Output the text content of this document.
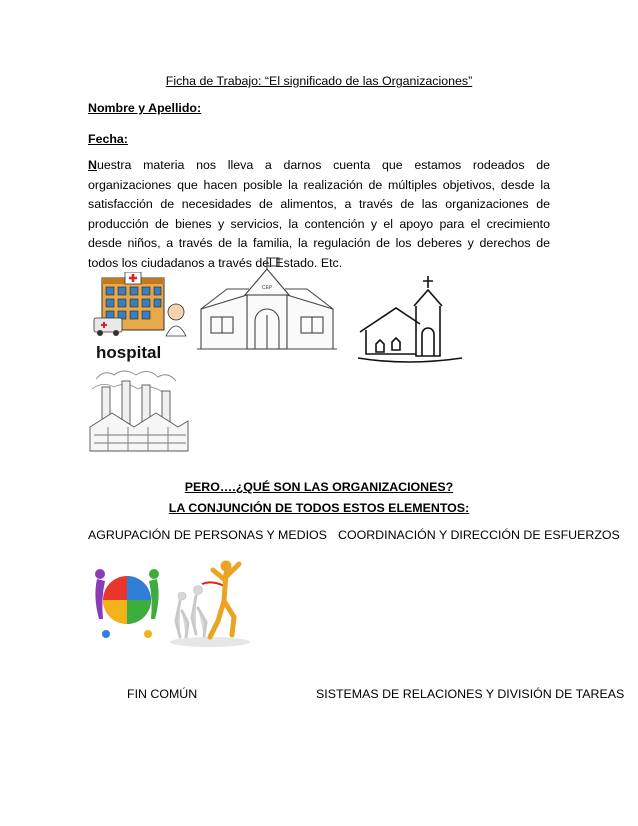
Ficha de Trabajo: “El significado de las Organizaciones”
Nombre y Apellido:
Fecha:
Nuestra materia nos lleva a darnos cuenta que estamos rodeados de organizaciones que hacen posible la realización de múltiples objetivos, desde la satisfacción de necesidades de alimentos, a través de las organizaciones de producción de bienes y servicios, la contención y el apoyo para el crecimiento desde niños, a través de la familia, la regulación de los deberes y derechos de todos los ciudadanos a través del Estado. Etc.
hospital
CEP
PERO….¿QUÉ SON LAS ORGANIZACIONES?
LA CONJUNCIÓN DE TODOS ESTOS ELEMENTOS:
AGRUPACIÓN DE PERSONAS Y MEDIOS COORDINACIÓN Y DIRECCIÓN DE ESFUERZOS
FIN COMÚN	SISTEMAS DE RELACIONES Y DIVISIÓN DE TAREAS
